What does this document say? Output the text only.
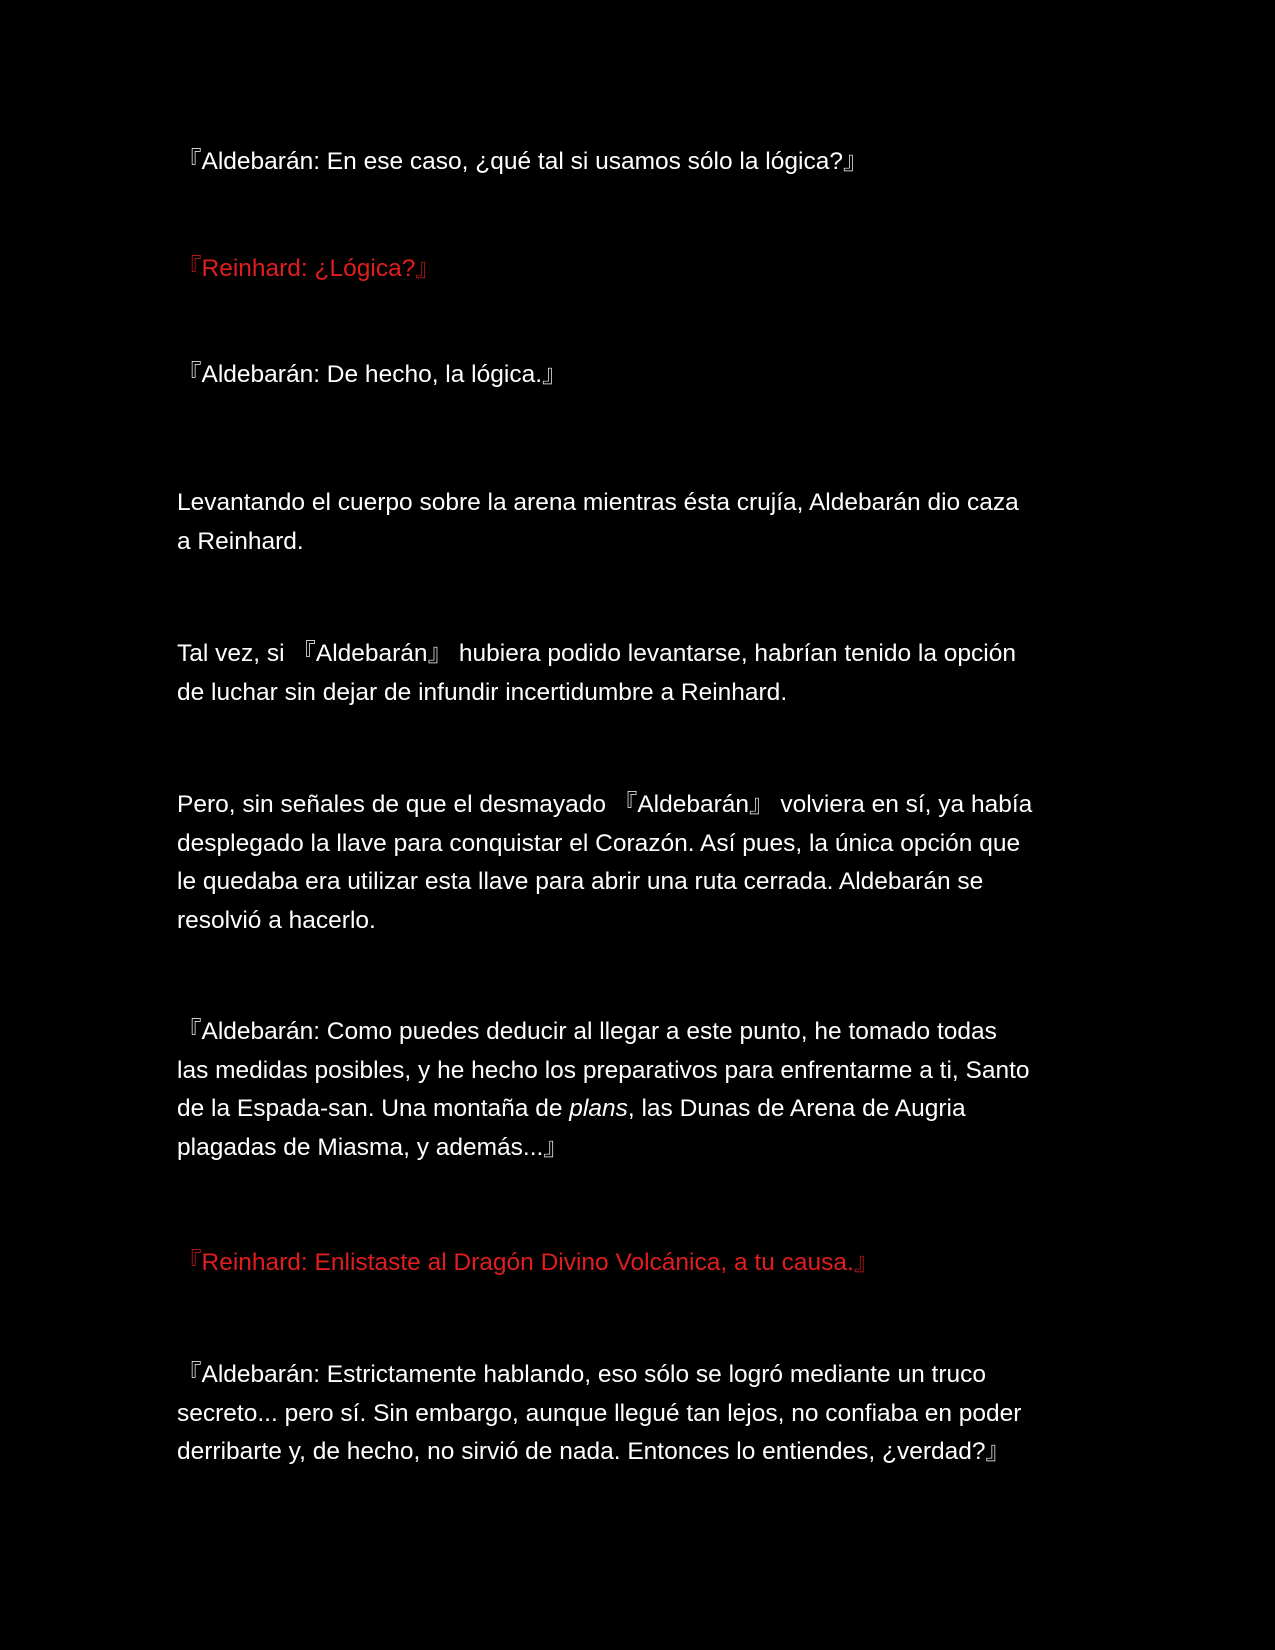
『Aldebarán: En ese caso, ¿qué tal si usamos sólo la lógica?』

『Reinhard: ¿Lógica?』

『Aldebarán: De hecho, la lógica.』

Levantando el cuerpo sobre la arena mientras ésta crujía, Aldebarán dio caza
a Reinhard.

Tal vez, si 『Aldebarán』 hubiera podido levantarse, habrían tenido la opción
de luchar sin dejar de infundir incertidumbre a Reinhard.

Pero, sin señales de que el desmayado 『Aldebarán』 volviera en sí, ya había
desplegado la llave para conquistar el Corazón. Así pues, la única opción que
le quedaba era utilizar esta llave para abrir una ruta cerrada. Aldebarán se
resolvió a hacerlo.

『Aldebarán: Como puedes deducir al llegar a este punto, he tomado todas
las medidas posibles, y he hecho los preparativos para enfrentarme a ti, Santo
de la Espada-san. Una montaña de plans, las Dunas de Arena de Augria
plagadas de Miasma, y además...』

『Reinhard: Enlistaste al Dragón Divino Volcánica, a tu causa.』

『Aldebarán: Estrictamente hablando, eso sólo se logró mediante un truco
secreto... pero sí. Sin embargo, aunque llegué tan lejos, no confiaba en poder
derribarte y, de hecho, no sirvió de nada. Entonces lo entiendes, ¿verdad?』
